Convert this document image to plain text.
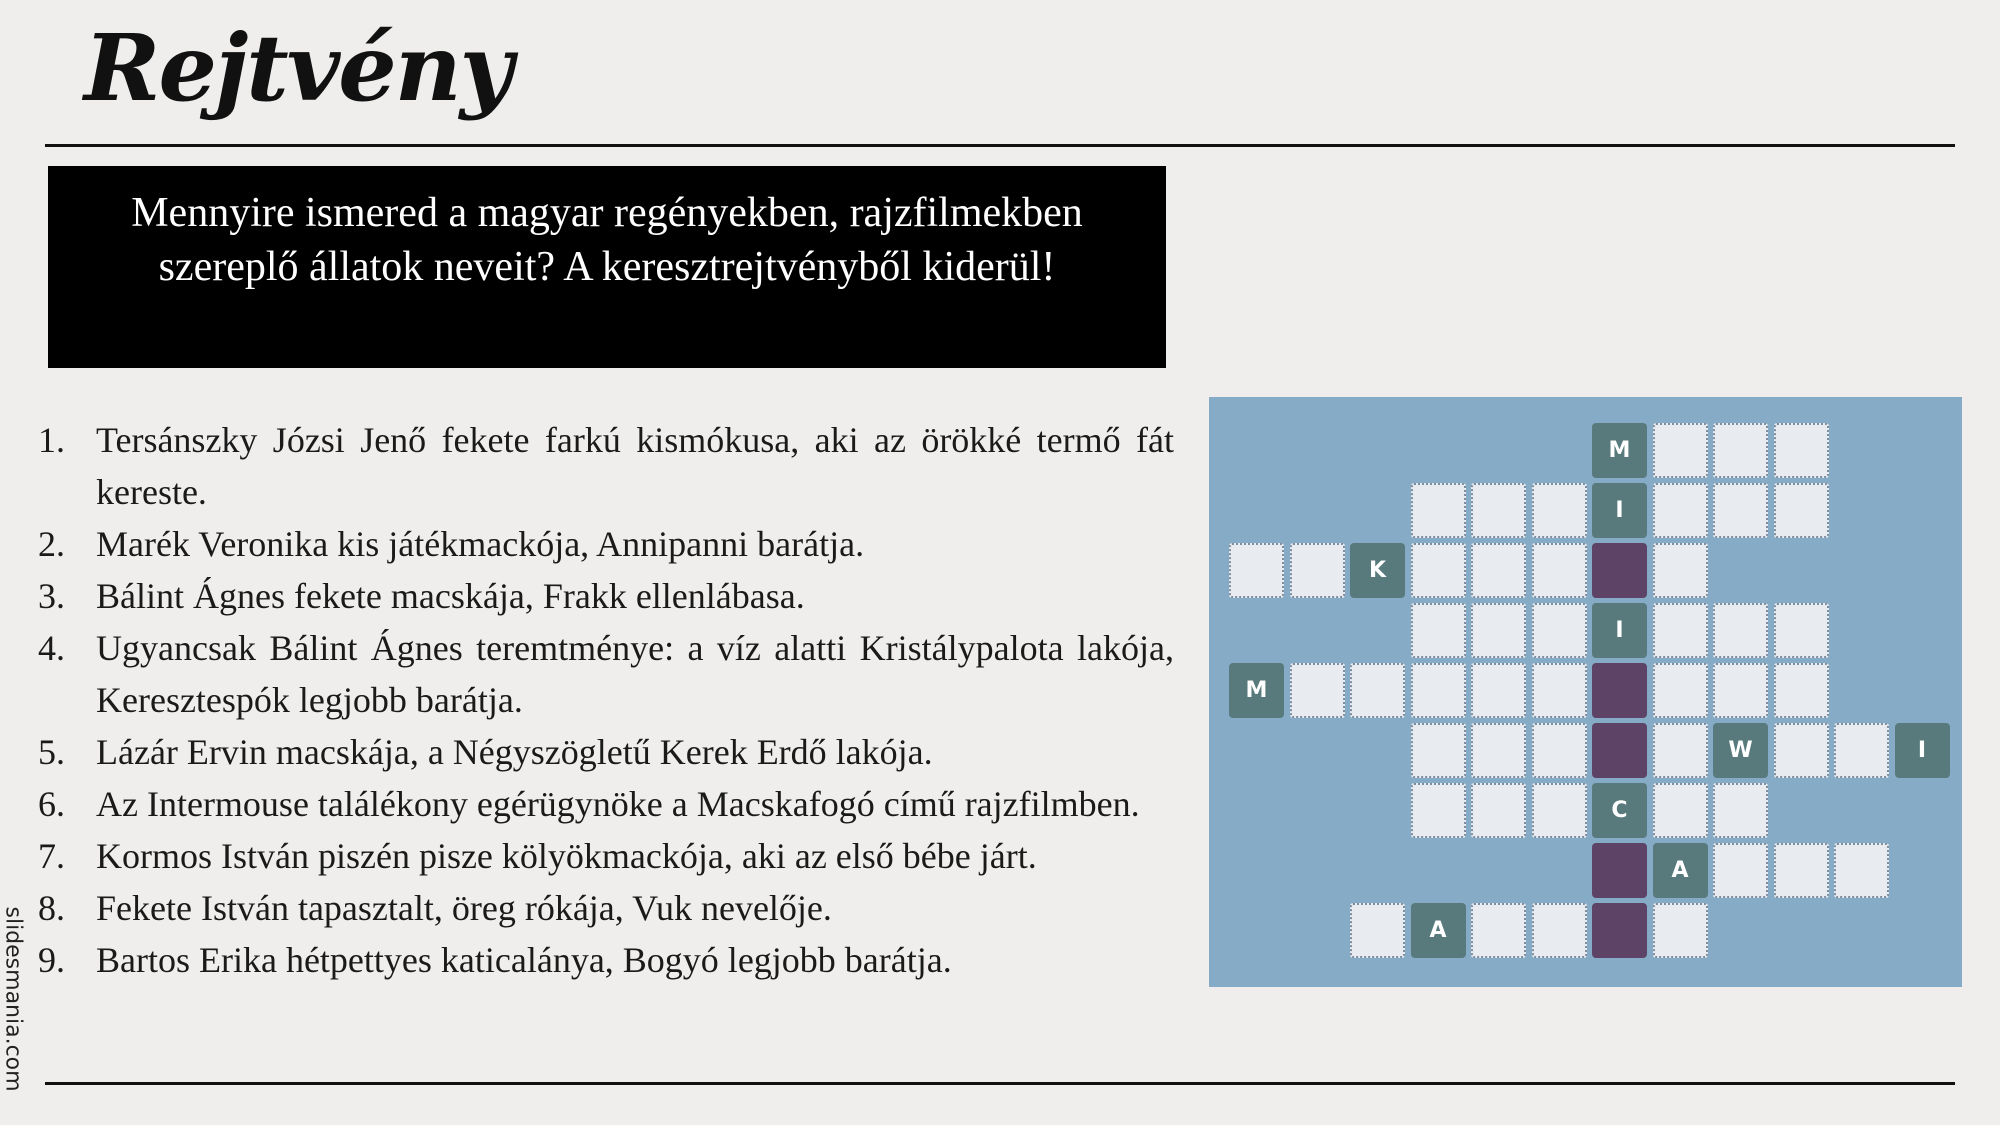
Rejtvény
Mennyire ismered a magyar regényekben, rajzfilmekben szereplő állatok neveit? A keresztrejtvényből kiderül!
1. Tersánszky Józsi Jenő fekete farkú kismókusa, aki az örökké termő fát kereste.
2. Marék Veronika kis játékmackója, Annipanni barátja.
3. Bálint Ágnes fekete macskája, Frakk ellenlábasa.
4. Ugyancsak Bálint Ágnes teremtménye: a víz alatti Kristálypalota lakója, Keresztespók legjobb barátja.
5. Lázár Ervin macskája, a Négyszögletű Kerek Erdő lakója.
6. Az Intermouse találékony egérügynöke a Macskafogó című rajzfilmben.
7. Kormos István piszén pisze kölyökmackója, aki az első bébe járt.
8. Fekete István tapasztalt, öreg rókája, Vuk nevelője.
9. Bartos Erika hétpettyes katicalánya, Bogyó legjobb barátja.
M
I
K
I
M
W	I
C
A
A
slidesmania.com
